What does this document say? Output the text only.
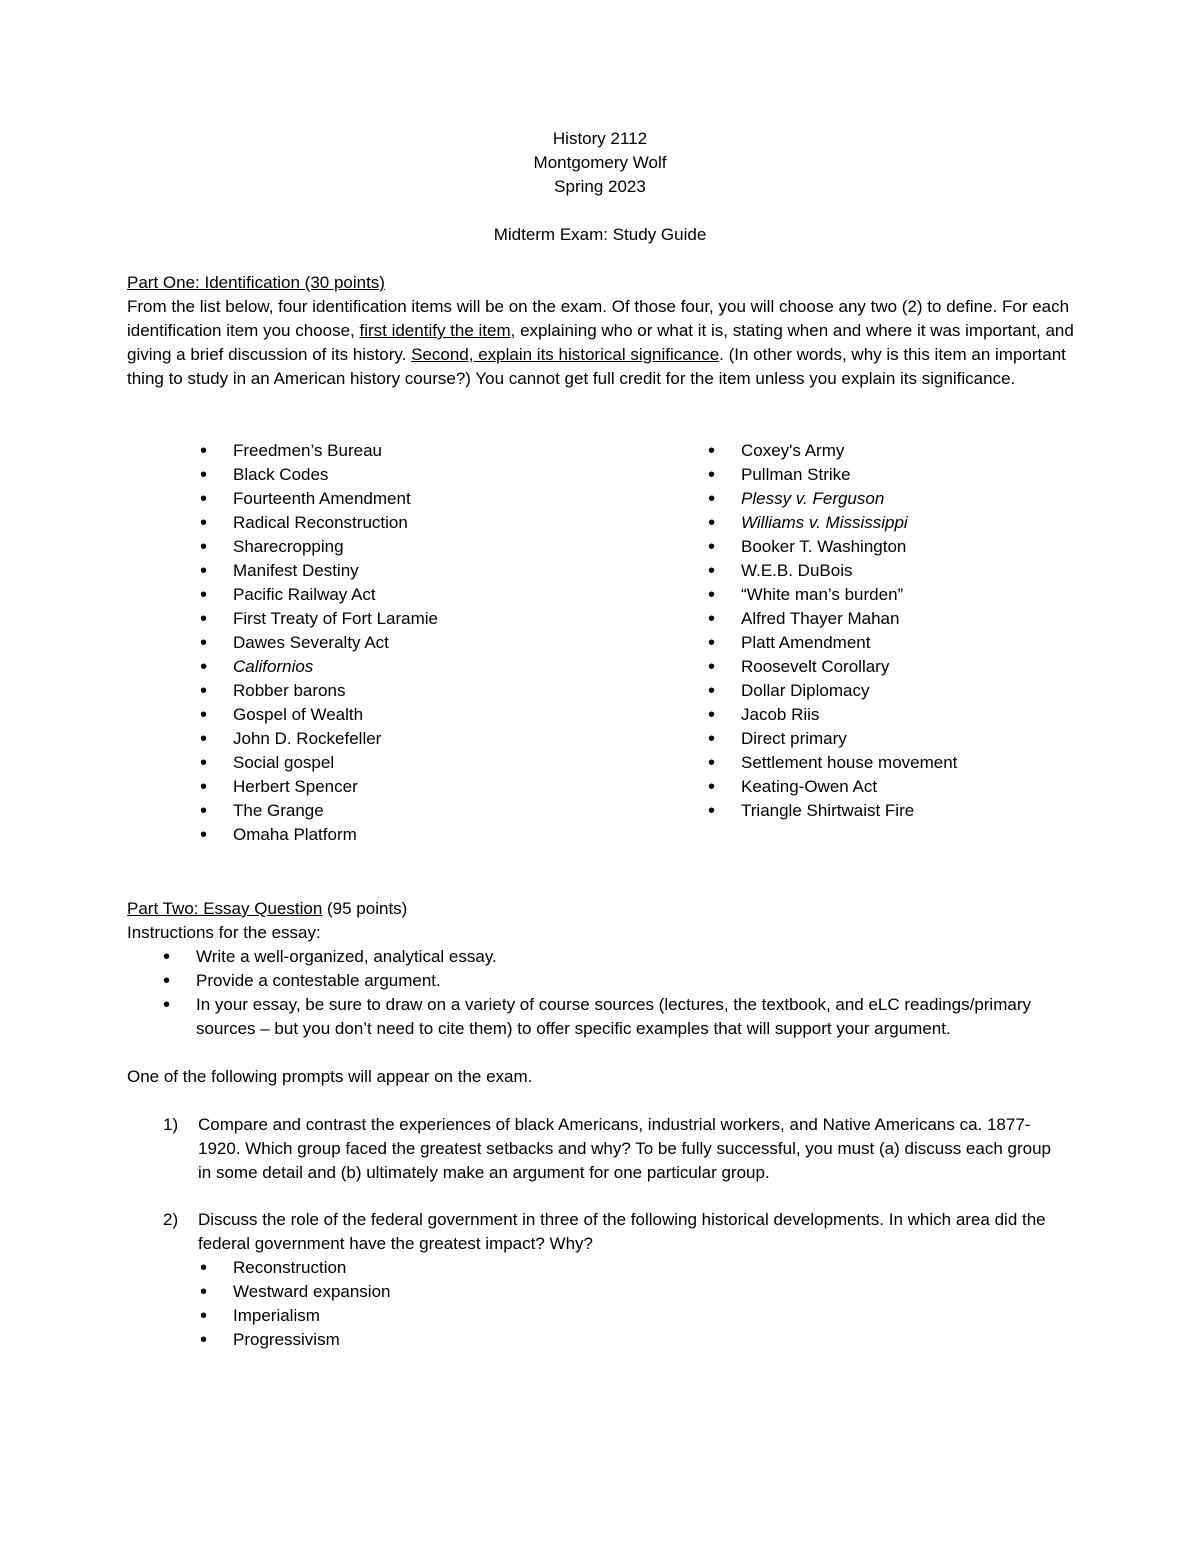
History 2112
Montgomery Wolf
Spring 2023
Midterm Exam: Study Guide
Part One: Identification (30 points)
From the list below, four identification items will be on the exam. Of those four, you will choose any two (2) to define. For each identification item you choose, first identify the item, explaining who or what it is, stating when and where it was important, and giving a brief discussion of its history. Second, explain its historical significance. (In other words, why is this item an important thing to study in an American history course?) You cannot get full credit for the item unless you explain its significance.
• Freedmen’s Bureau
• Black Codes
• Fourteenth Amendment
• Radical Reconstruction
• Sharecropping
• Manifest Destiny
• Pacific Railway Act
• First Treaty of Fort Laramie
• Dawes Severalty Act
• Californios
• Robber barons
• Gospel of Wealth
• John D. Rockefeller
• Social gospel
• Herbert Spencer
• The Grange
• Omaha Platform
• Coxey's Army
• Pullman Strike
• Plessy v. Ferguson
• Williams v. Mississippi
• Booker T. Washington
• W.E.B. DuBois
• “White man’s burden”
• Alfred Thayer Mahan
• Platt Amendment
• Roosevelt Corollary
• Dollar Diplomacy
• Jacob Riis
• Direct primary
• Settlement house movement
• Keating-Owen Act
• Triangle Shirtwaist Fire
Part Two: Essay Question (95 points)
Instructions for the essay:
• Write a well-organized, analytical essay.
• Provide a contestable argument.
• In your essay, be sure to draw on a variety of course sources (lectures, the textbook, and eLC readings/primary sources – but you don’t need to cite them) to offer specific examples that will support your argument.
One of the following prompts will appear on the exam.
1) Compare and contrast the experiences of black Americans, industrial workers, and Native Americans ca. 1877-1920. Which group faced the greatest setbacks and why? To be fully successful, you must (a) discuss each group in some detail and (b) ultimately make an argument for one particular group.
2) Discuss the role of the federal government in three of the following historical developments. In which area did the federal government have the greatest impact? Why?
• Reconstruction
• Westward expansion
• Imperialism
• Progressivism
